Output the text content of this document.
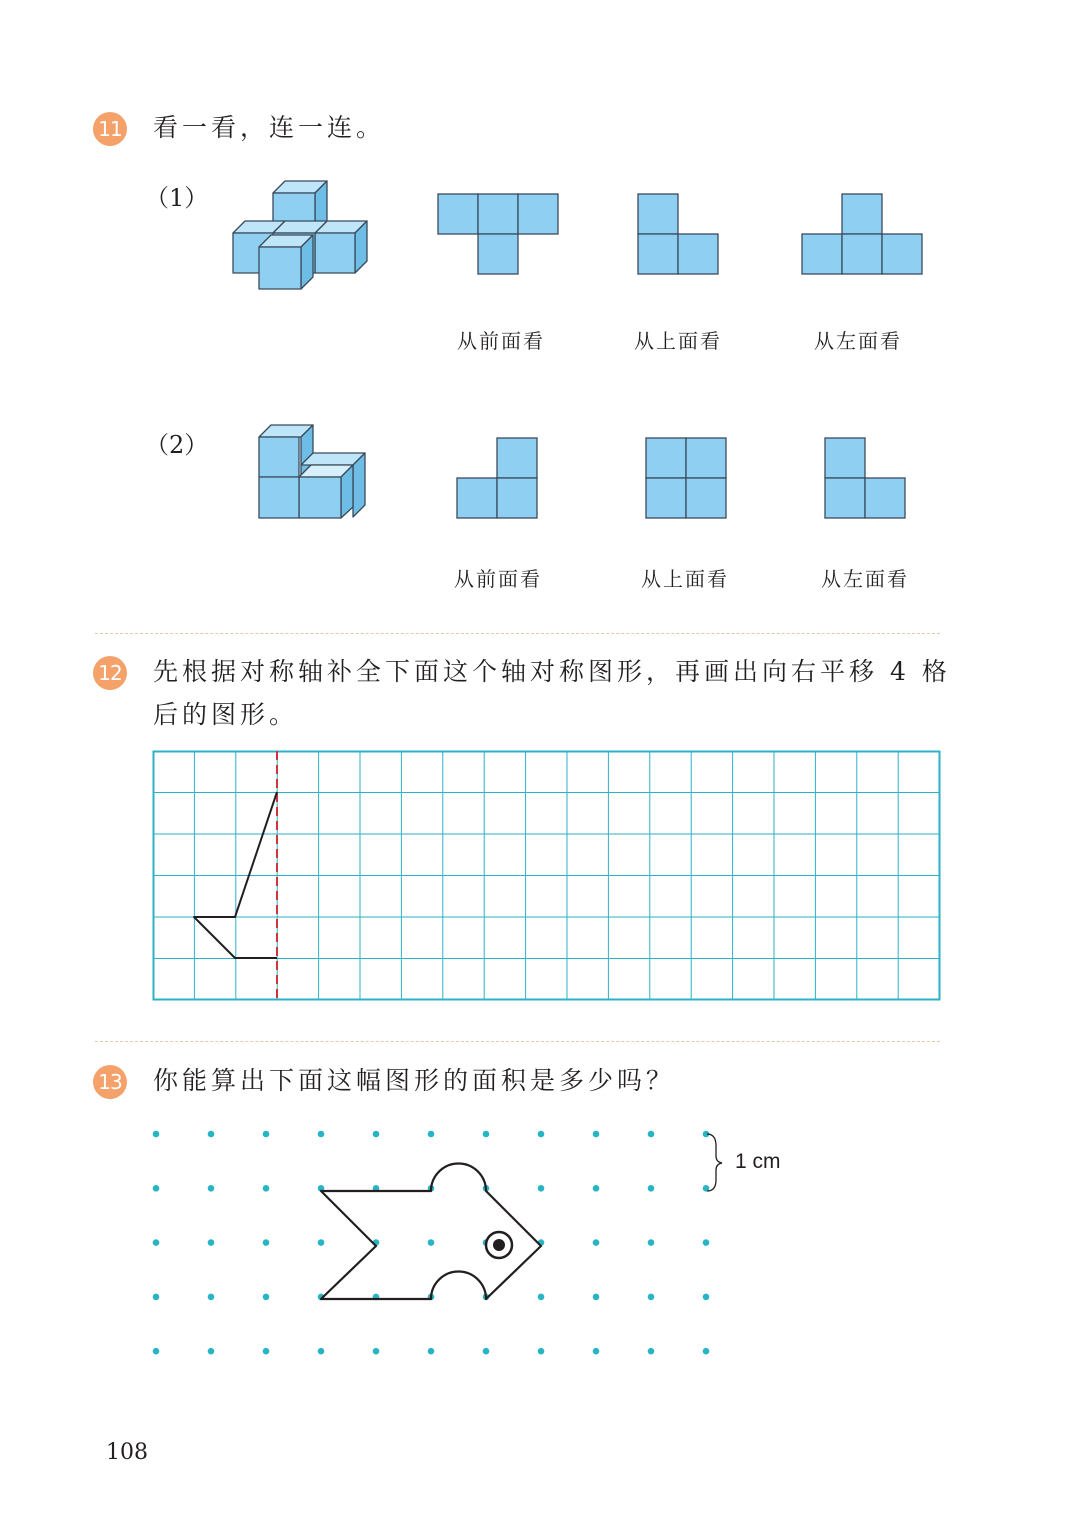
11 看一看，连一连。
（1）
从前面看	从上面看	从左面看
（2）
从前面看	从上面看	从左面看
12 先根据对称轴补全下面这个轴对称图形，再画出向右平移 4 格
后的图形。
13 你能算出下面这幅图形的面积是多少吗？
1 cm
108
